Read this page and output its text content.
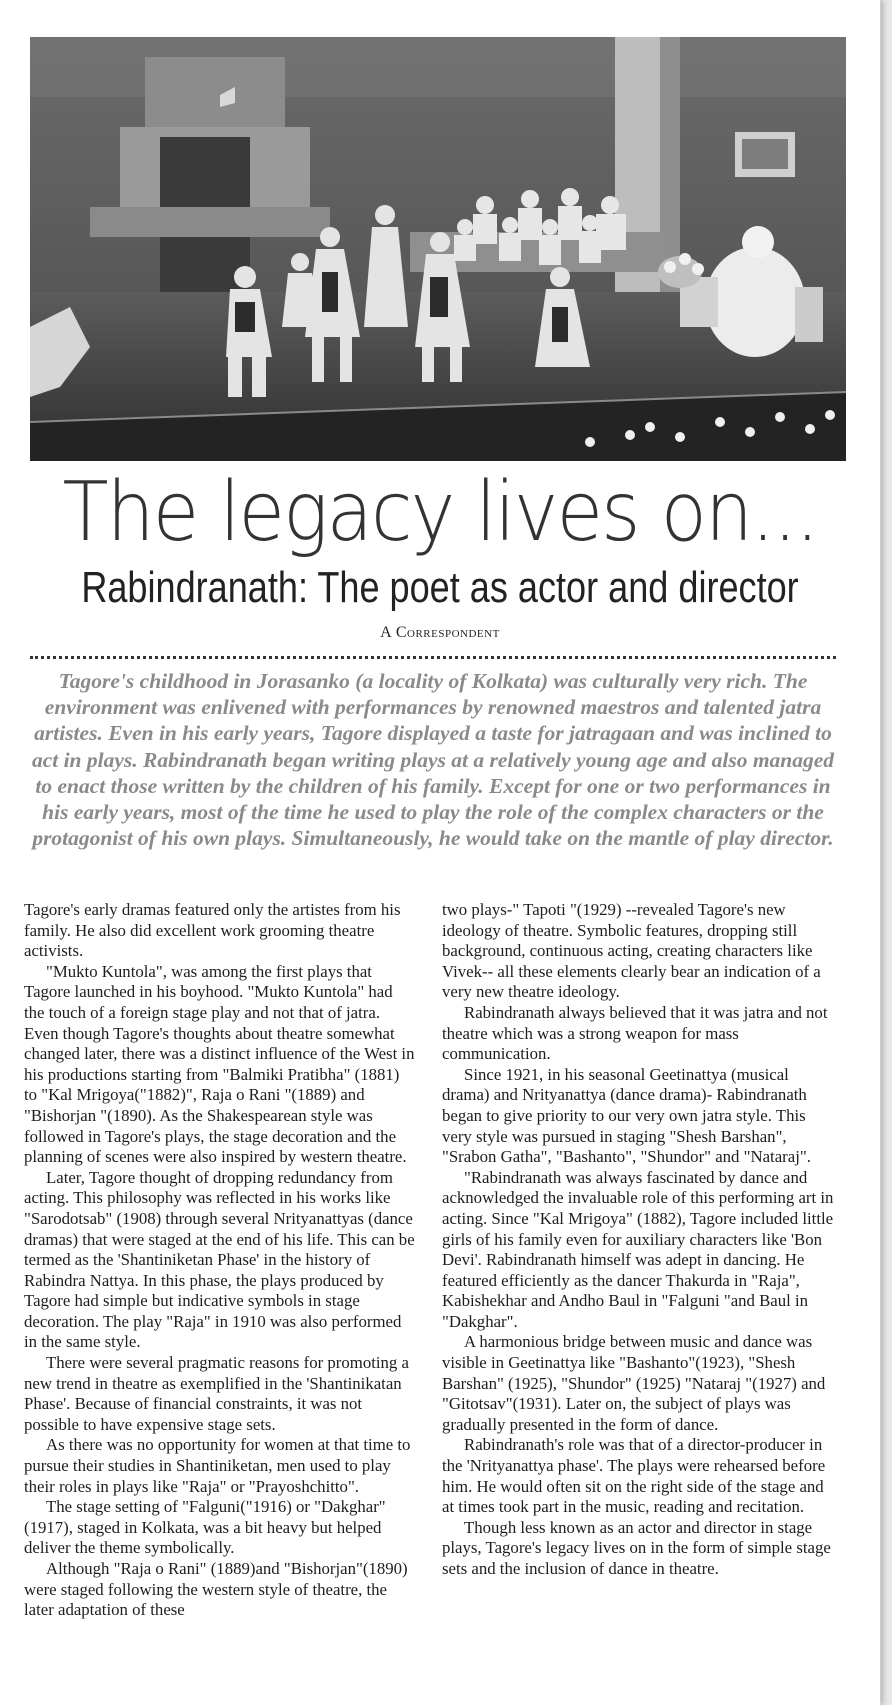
The legacy lives on...
Rabindranath: The poet as actor and director
A Correspondent

Tagore's childhood in Jorasanko (a locality of Kolkata) was culturally very rich. The environment was enlivened with performances by renowned maestros and talented jatra artistes. Even in his early years, Tagore displayed a taste for jatragaan and was inclined to act in plays. Rabindranath began writing plays at a relatively young age and also managed to enact those written by the children of his family. Except for one or two performances in his early years, most of the time he used to play the role of the complex characters or the protagonist of his own plays. Simultaneously, he would take on the mantle of play director.

Tagore's early dramas featured only the artistes from his family. He also did excellent work grooming theatre activists.

"Mukto Kuntola", was among the first plays that Tagore launched in his boyhood. "Mukto Kuntola" had the touch of a foreign stage play and not that of jatra. Even though Tagore's thoughts about theatre somewhat changed later, there was a distinct influence of the West in his productions starting from "Balmiki Pratibha" (1881) to "Kal Mrigoya("1882)", Raja o Rani "(1889) and "Bishorjan "(1890). As the Shakespearean style was followed in Tagore's plays, the stage decoration and the planning of scenes were also inspired by western theatre.

Later, Tagore thought of dropping redundancy from acting. This philosophy was reflected in his works like "Sarodotsab" (1908) through several Nrityanattyas (dance dramas) that were staged at the end of his life. This can be termed as the 'Shantiniketan Phase' in the history of Rabindra Nattya. In this phase, the plays produced by Tagore had simple but indicative symbols in stage decoration. The play "Raja" in 1910 was also performed in the same style.

There were several pragmatic reasons for promoting a new trend in theatre as exemplified in the 'Shantinikatan Phase'. Because of financial constraints, it was not possible to have expensive stage sets.

As there was no opportunity for women at that time to pursue their studies in Shantiniketan, men used to play their roles in plays like "Raja" or "Prayoshchitto".

The stage setting of "Falguni("1916) or "Dakghar" (1917), staged in Kolkata, was a bit heavy but helped deliver the theme symbolically.

Although "Raja o Rani" (1889)and "Bishorjan"(1890) were staged following the western style of theatre, the later adaptation of these

two plays-" Tapoti "(1929) --revealed Tagore's new ideology of theatre. Symbolic features, dropping still background, continuous acting, creating characters like Vivek-- all these elements clearly bear an indication of a very new theatre ideology.

Rabindranath always believed that it was jatra and not theatre which was a strong weapon for mass communication.

Since 1921, in his seasonal Geetinattya (musical drama) and Nrityanattya (dance drama)- Rabindranath began to give priority to our very own jatra style. This very style was pursued in staging "Shesh Barshan", "Srabon Gatha", "Bashanto", "Shundor" and "Nataraj".

"Rabindranath was always fascinated by dance and acknowledged the invaluable role of this performing art in acting. Since "Kal Mrigoya" (1882), Tagore included little girls of his family even for auxiliary characters like 'Bon Devi'. Rabindranath himself was adept in dancing. He featured efficiently as the dancer Thakurda in "Raja", Kabishekhar and Andho Baul in "Falguni "and Baul in "Dakghar".

A harmonious bridge between music and dance was visible in Geetinattya like "Bashanto"(1923), "Shesh Barshan" (1925), "Shundor" (1925) "Nataraj "(1927) and "Gitotsav"(1931). Later on, the subject of plays was gradually presented in the form of dance.

Rabindranath's role was that of a director-producer in the 'Nrityanattya phase'. The plays were rehearsed before him. He would often sit on the right side of the stage and at times took part in the music, reading and recitation.

Though less known as an actor and director in stage plays, Tagore's legacy lives on in the form of simple stage sets and the inclusion of dance in theatre.
